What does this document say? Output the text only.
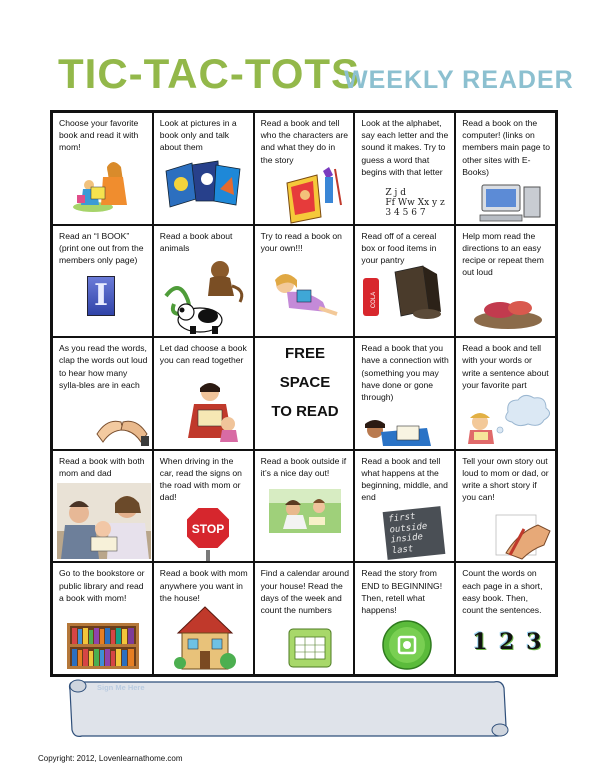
TIC-TAC-TOTS
WEEKLY READER
Choose your favorite book and read it with mom!
Look at pictures in a book only and talk about them
Read a book and tell who the characters are and what they do in the story
Look at the alphabet, say each letter and the sound it makes. Try to guess a word that begins with that letter
Z j d
Ff Ww Xx y z
3 4 5 6 7
Read a book on the computer! (links on members main page to other sites with E-Books)
Read an “I BOOK” (print one out from the members only page)
I
Read a book about animals
Try to read a book on your own!!!
Read off of a cereal box or food items in your pantry
COLA
Help mom read the directions to an easy recipe or repeat them out loud
As you read the words, clap the words out loud to hear how many sylla-bles are in each
Let dad choose a book you can read together	FREE
SPACE
TO READ
Read a book that you have a connection with (something you may have done or gone through)
Read a book and tell with your words or write a sentence about your favorite part
Read a book with both mom and dad
When driving in the car, read the signs on the road with mom or dad!
STOP
Read a book outside if it’s a nice day out!
Read a book and tell what happens at the beginning, middle, and end
first
outside
inside
last
Tell your own story out loud to mom or dad, or write a short story if you can!
Go to the bookstore or public library and read a book with mom!
Read a book with mom anywhere you want in the house!
Find a calendar around your house! Read the days of the week and count the numbers
Read the story from END to BEGINNING! Then, retell what happens!
Count the words on each page in a short, easy book. Then, count the sentences.
1 2 3
Sign Me Here
Copyright: 2012, Lovenlearnathome.com
